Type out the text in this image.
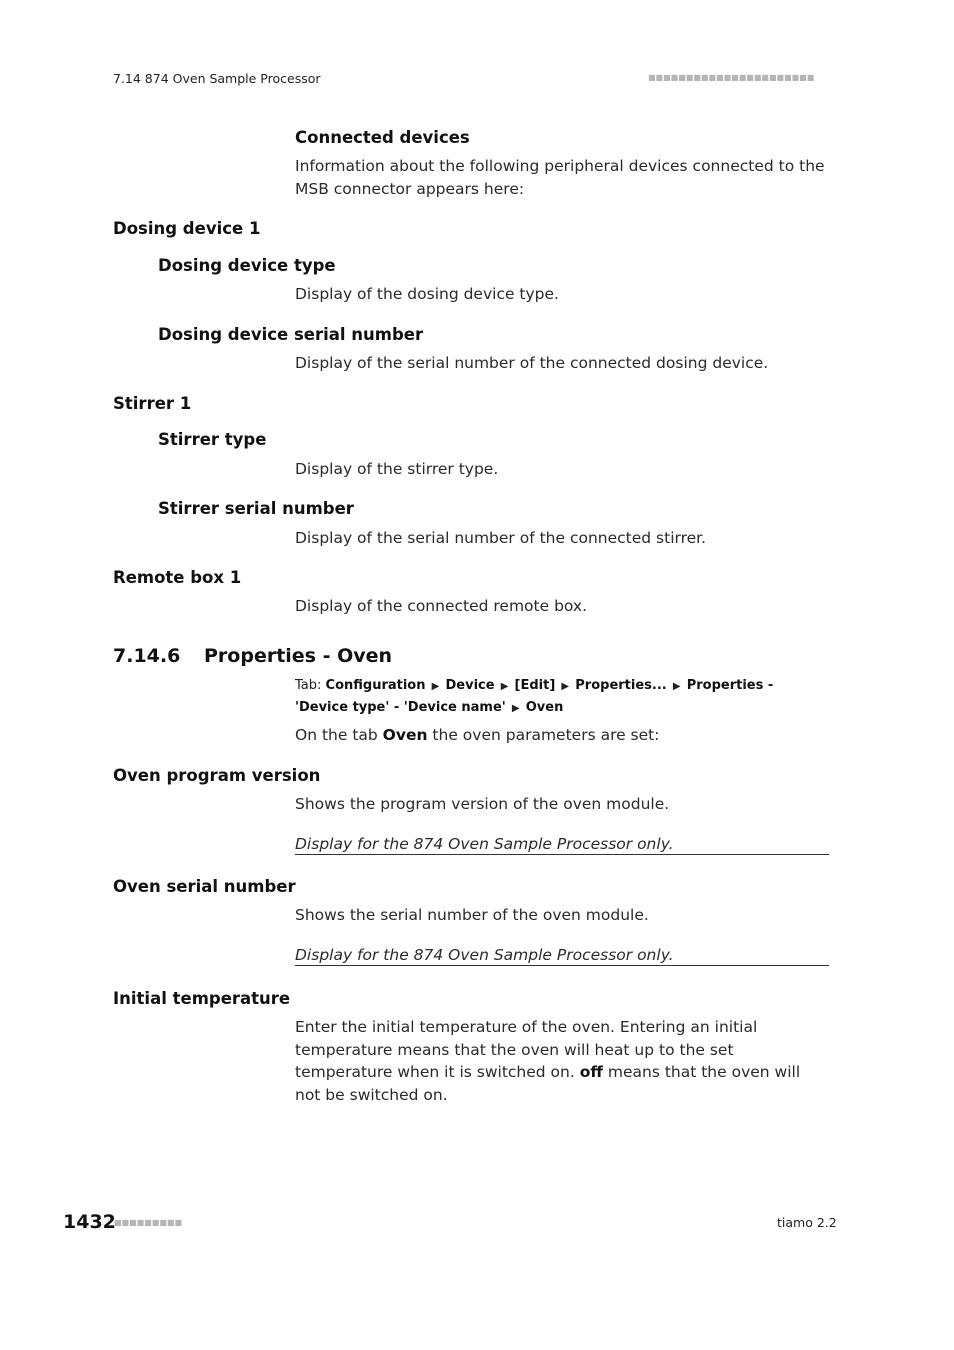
7.14 874 Oven Sample Processor	■■■■■■■■■■■■■■■■■■■■■■
Connected devices
Information about the following peripheral devices connected to the MSB connector appears here:
Dosing device 1
Dosing device type
Display of the dosing device type.
Dosing device serial number
Display of the serial number of the connected dosing device.
Stirrer 1
Stirrer type
Display of the stirrer type.
Stirrer serial number
Display of the serial number of the connected stirrer.
Remote box 1
Display of the connected remote box.
7.14.6 Properties - Oven
Tab: Configuration ▶ Device ▶ [Edit] ▶ Properties... ▶ Properties - 'Device type' - 'Device name' ▶ Oven
On the tab Oven the oven parameters are set:
Oven program version
Shows the program version of the oven module.
Display for the 874 Oven Sample Processor only.
Oven serial number
Shows the serial number of the oven module.
Display for the 874 Oven Sample Processor only.
Initial temperature
Enter the initial temperature of the oven. Entering an initial temperature means that the oven will heat up to the set temperature when it is switched on. off means that the oven will not be switched on.
1432
■■■■■■■■■	tiamo 2.2
